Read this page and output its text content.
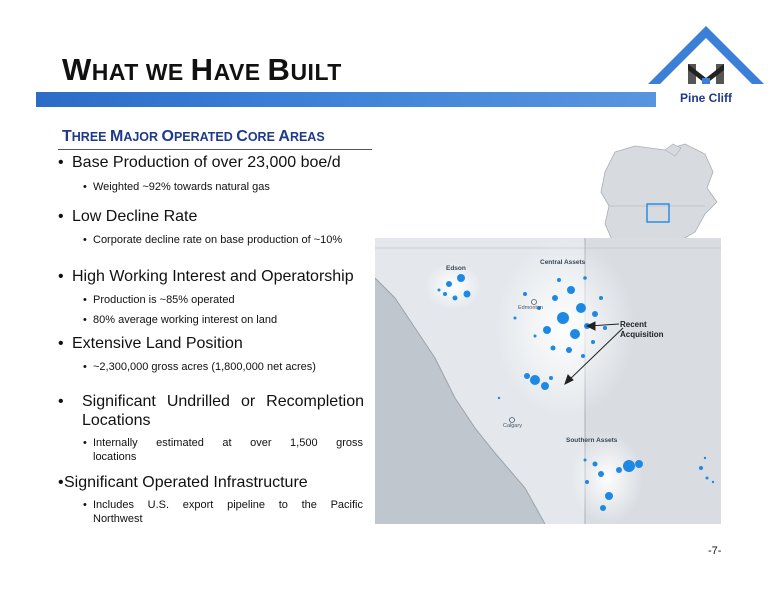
WHAT WE HAVE BUILT
Pine Cliff
THREE MAJOR OPERATED CORE AREAS
• Base Production of over 23,000 boe/d
• Weighted ~92% towards natural gas
• Low Decline Rate
• Corporate decline rate on base production of ~10%
• High Working Interest and Operatorship
• Production is ~85% operated
• 80% average working interest on land
• Extensive Land Position
• ~2,300,000 gross acres (1,800,000 net acres)
•	Significant Undrilled or Recompletion
Locations
• Internally estimated at over 1,500 gross
locations
•Significant Operated Infrastructure
• Includes U.S. export pipeline to the Pacific
Northwest
Edson
Central Assets
Southern Assets
Edmonton
Calgary
Recent
Acquisition
-7-
